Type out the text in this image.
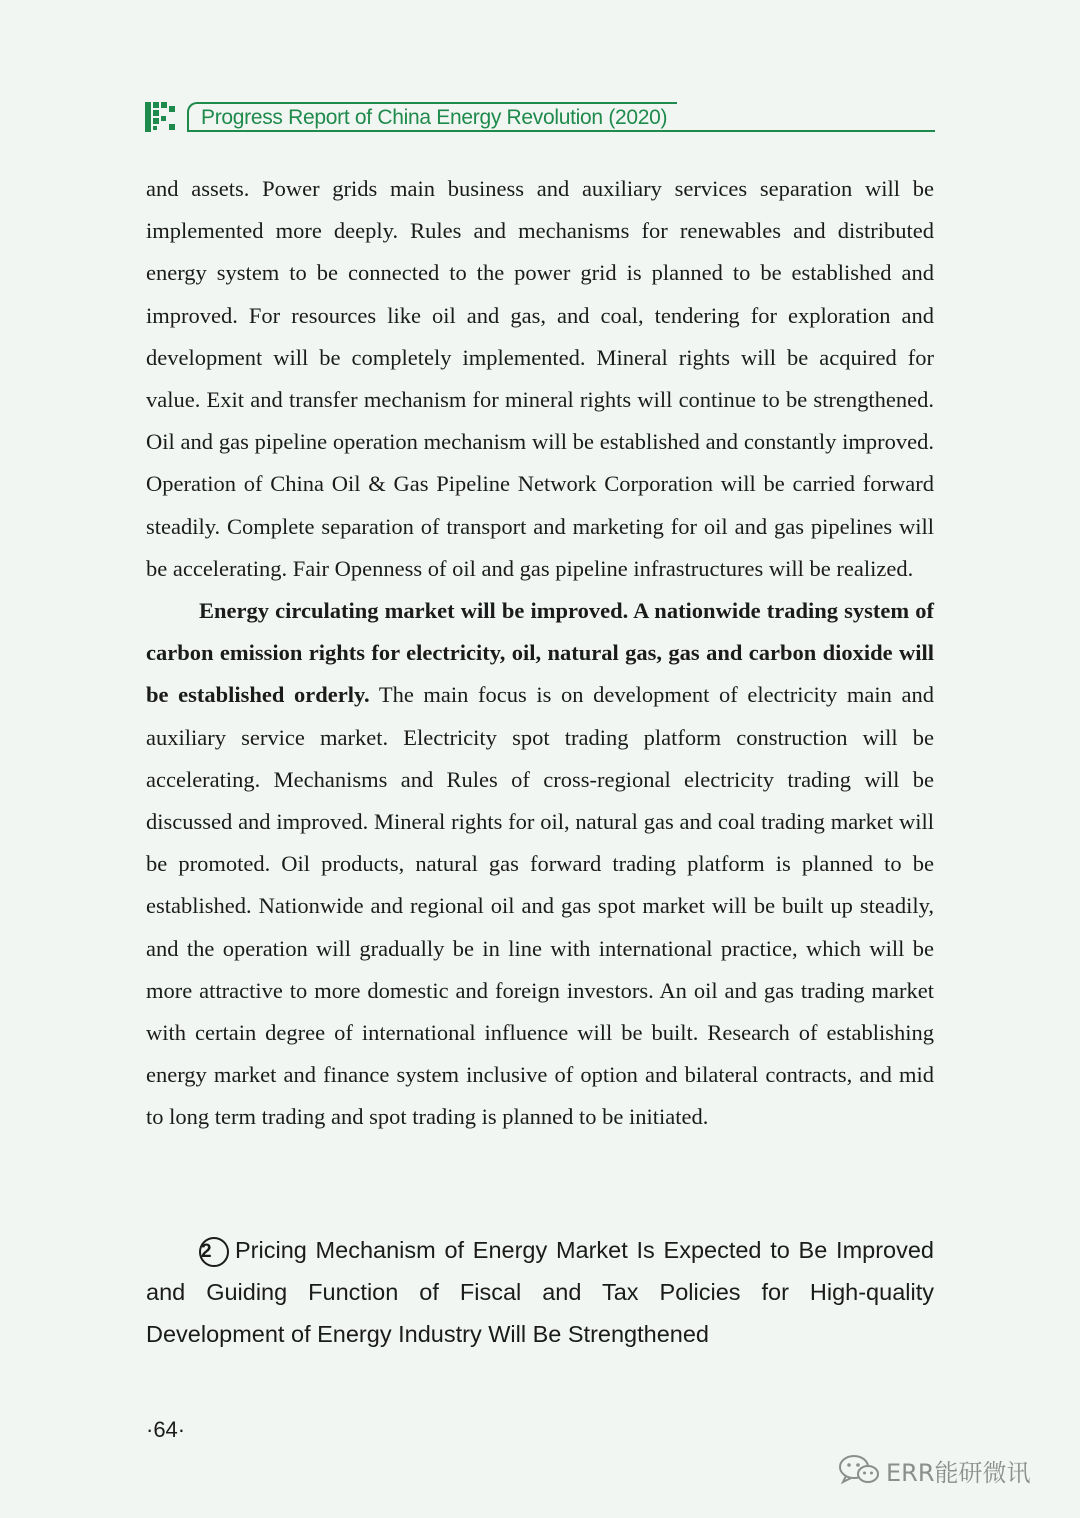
Progress Report of China Energy Revolution (2020)

and assets. Power grids main business and auxiliary services separation will be implemented more deeply. Rules and mechanisms for renewables and distributed energy system to be connected to the power grid is planned to be established and improved. For resources like oil and gas, and coal, tendering for exploration and development will be completely implemented. Mineral rights will be acquired for value. Exit and transfer mechanism for mineral rights will continue to be strengthened. Oil and gas pipeline operation mechanism will be established and constantly improved. Operation of China Oil & Gas Pipeline Network Corporation will be carried forward steadily. Complete separation of transport and marketing for oil and gas pipelines will be accelerating. Fair Openness of oil and gas pipeline infrastructures will be realized.

Energy circulating market will be improved. A nationwide trading system of carbon emission rights for electricity, oil, natural gas, gas and carbon dioxide will be established orderly. The main focus is on development of electricity main and auxiliary service market. Electricity spot trading platform construction will be accelerating. Mechanisms and Rules of cross-regional electricity trading will be discussed and improved. Mineral rights for oil, natural gas and coal trading market will be promoted. Oil products, natural gas forward trading platform is planned to be established. Nationwide and regional oil and gas spot market will be built up steadily, and the operation will gradually be in line with international practice, which will be more attractive to more domestic and foreign investors. An oil and gas trading market with certain degree of international influence will be built. Research of establishing energy market and finance system inclusive of option and bilateral contracts, and mid to long term trading and spot trading is planned to be initiated.

2 Pricing Mechanism of Energy Market Is Expected to Be Improved and Guiding Function of Fiscal and Tax Policies for High-quality Development of Energy Industry Will Be Strengthened
·64·
ERR能研微讯
